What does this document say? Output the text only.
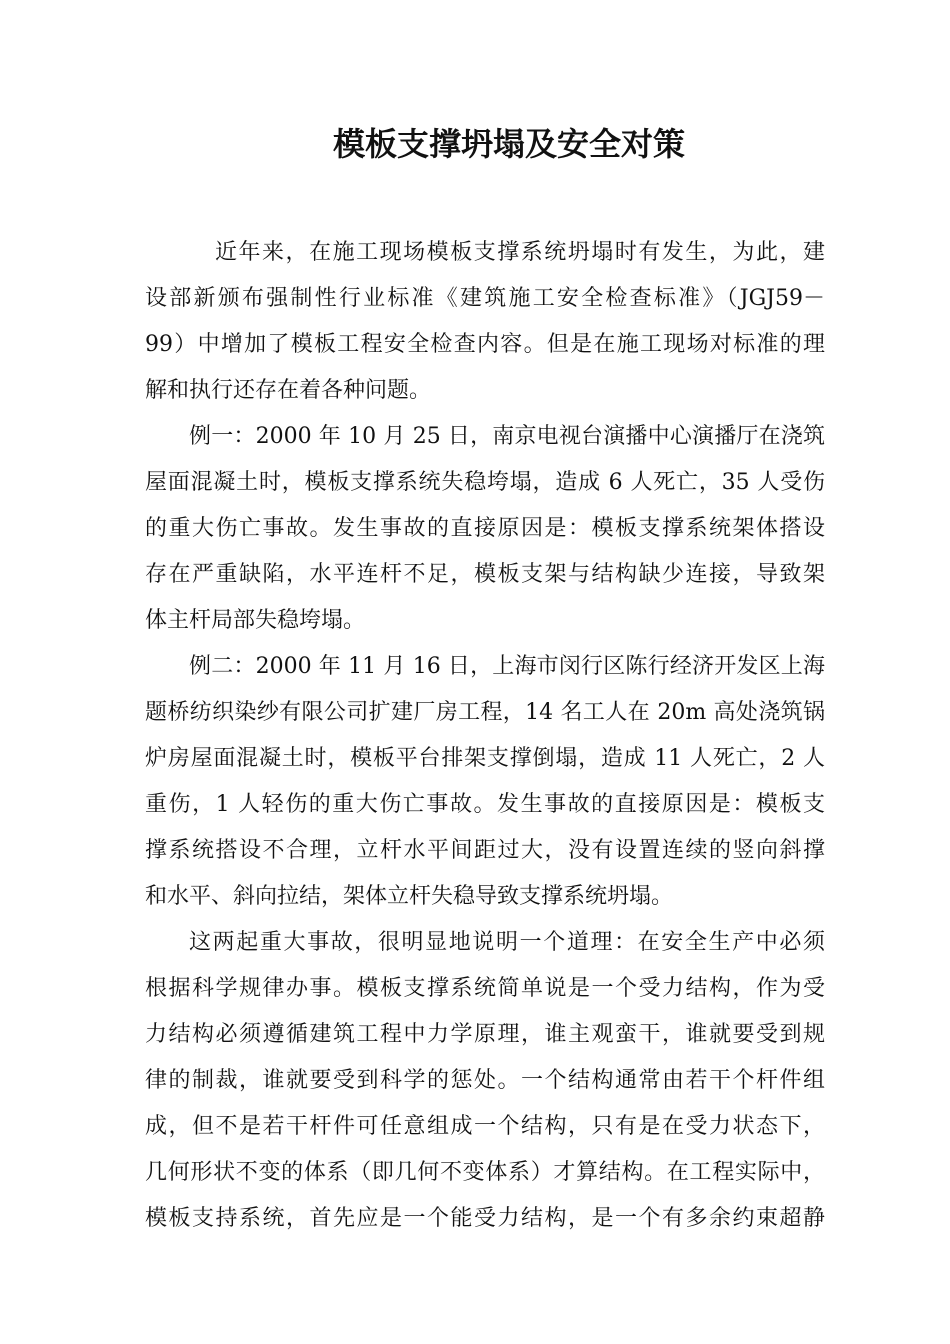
模板支撑坍塌及安全对策
近年来，在施工现场模板支撑系统坍塌时有发生，为此，建
设部新颁布强制性行业标准《建筑施工安全检查标准》（JGJ59－
99）中增加了模板工程安全检查内容。但是在施工现场对标准的理
解和执行还存在着各种问题。
例一：2000 年 10 月 25 日，南京电视台演播中心演播厅在浇筑
屋面混凝土时，模板支撑系统失稳垮塌，造成 6 人死亡，35 人受伤
的重大伤亡事故。发生事故的直接原因是：模板支撑系统架体搭设
存在严重缺陷，水平连杆不足，模板支架与结构缺少连接，导致架
体主杆局部失稳垮塌。
例二：2000 年 11 月 16 日，上海市闵行区陈行经济开发区上海
题桥纺织染纱有限公司扩建厂房工程，14 名工人在 20m 高处浇筑锅
炉房屋面混凝土时，模板平台排架支撑倒塌，造成 11 人死亡，2 人
重伤，1 人轻伤的重大伤亡事故。发生事故的直接原因是：模板支
撑系统搭设不合理，立杆水平间距过大，没有设置连续的竖向斜撑
和水平、斜向拉结，架体立杆失稳导致支撑系统坍塌。
这两起重大事故，很明显地说明一个道理：在安全生产中必须
根据科学规律办事。模板支撑系统简单说是一个受力结构，作为受
力结构必须遵循建筑工程中力学原理，谁主观蛮干，谁就要受到规
律的制裁，谁就要受到科学的惩处。一个结构通常由若干个杆件组
成，但不是若干杆件可任意组成一个结构，只有是在受力状态下，
几何形状不变的体系（即几何不变体系）才算结构。在工程实际中，
模板支持系统，首先应是一个能受力结构，是一个有多余约束超静
